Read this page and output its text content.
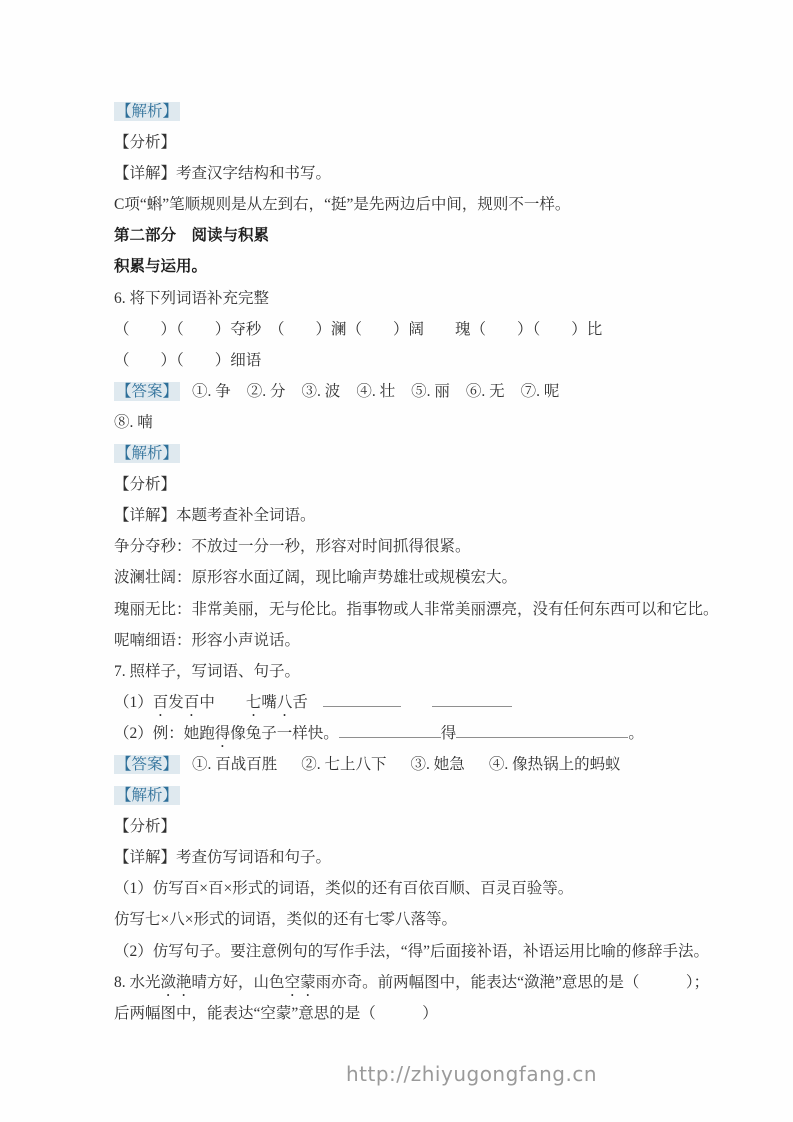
【解析】
【分析】
【详解】考查汉字结构和书写。
C项“蝌”笔顺规则是从左到右，“挺”是先两边后中间，规则不一样。
第二部分　阅读与积累
积累与运用。
6. 将下列词语补充完整
（　　）（　　）夺秒　（　　）澜（　　）阔　　瑰（　　）（　　）比
（　　）（　　）细语
【答案】 ①. 争 ②. 分 ③. 波 ④. 壮 ⑤. 丽 ⑥. 无 ⑦. 呢
⑧. 喃
【解析】
【分析】
【详解】本题考查补全词语。
争分夺秒：不放过一分一秒，形容对时间抓得很紧。
波澜壮阔：原形容水面辽阔，现比喻声势雄壮或规模宏大。
瑰丽无比：非常美丽，无与伦比。指事物或人非常美丽漂亮，没有任何东西可以和它比。
呢喃细语：形容小声说话。
7. 照样子，写词语、句子。
（1）百发百中　　 七嘴八舌　　　
（2）例：她跑得像兔子一样快。	得	。
【答案】 ①. 百战百胜 ②. 七上八下 ③. 她急 ④. 像热锅上的蚂蚁
【解析】
【分析】
【详解】考查仿写词语和句子。
（1）仿写百×百×形式的词语，类似的还有百依百顺、百灵百验等。
仿写七×八×形式的词语，类似的还有七零八落等。
（2）仿写句子。要注意例句的写作手法，“得”后面接补语，补语运用比喻的修辞手法。
8. 水光潋滟晴方好，山色空蒙雨亦奇。前两幅图中，能表达“潋滟”意思的是（　　　）；
后两幅图中，能表达“空蒙”意思的是（　　　）
http://zhiyugongfang.cn
